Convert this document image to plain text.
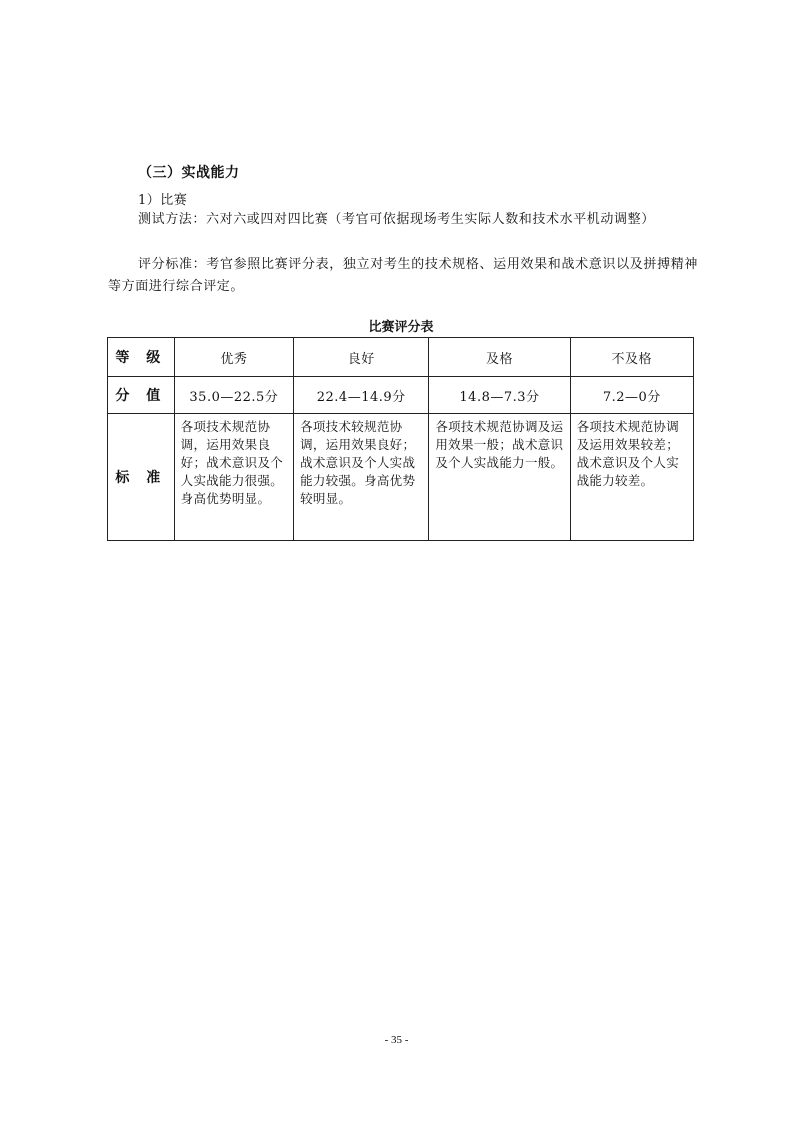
（三）实战能力
1）比赛
测试方法：六对六或四对四比赛（考官可依据现场考生实际人数和技术水平机动调整）
评分标准：考官参照比赛评分表，独立对考生的技术规格、运用效果和战术意识以及拼搏精神等方面进行综合评定。
比赛评分表
等 级	优秀	良好	及格	不及格
分 值	35.0—22.5分	22.4—14.9分	14.8—7.3分	7.2—0分
标 准	各项技术规范协调，运用效果良好；战术意识及个人实战能力很强。身高优势明显。	各项技术较规范协调，运用效果良好；战术意识及个人实战能力较强。身高优势较明显。	各项技术规范协调及运用效果一般；战术意识及个人实战能力一般。	各项技术规范协调及运用效果较差；战术意识及个人实战能力较差。
- 35 -
